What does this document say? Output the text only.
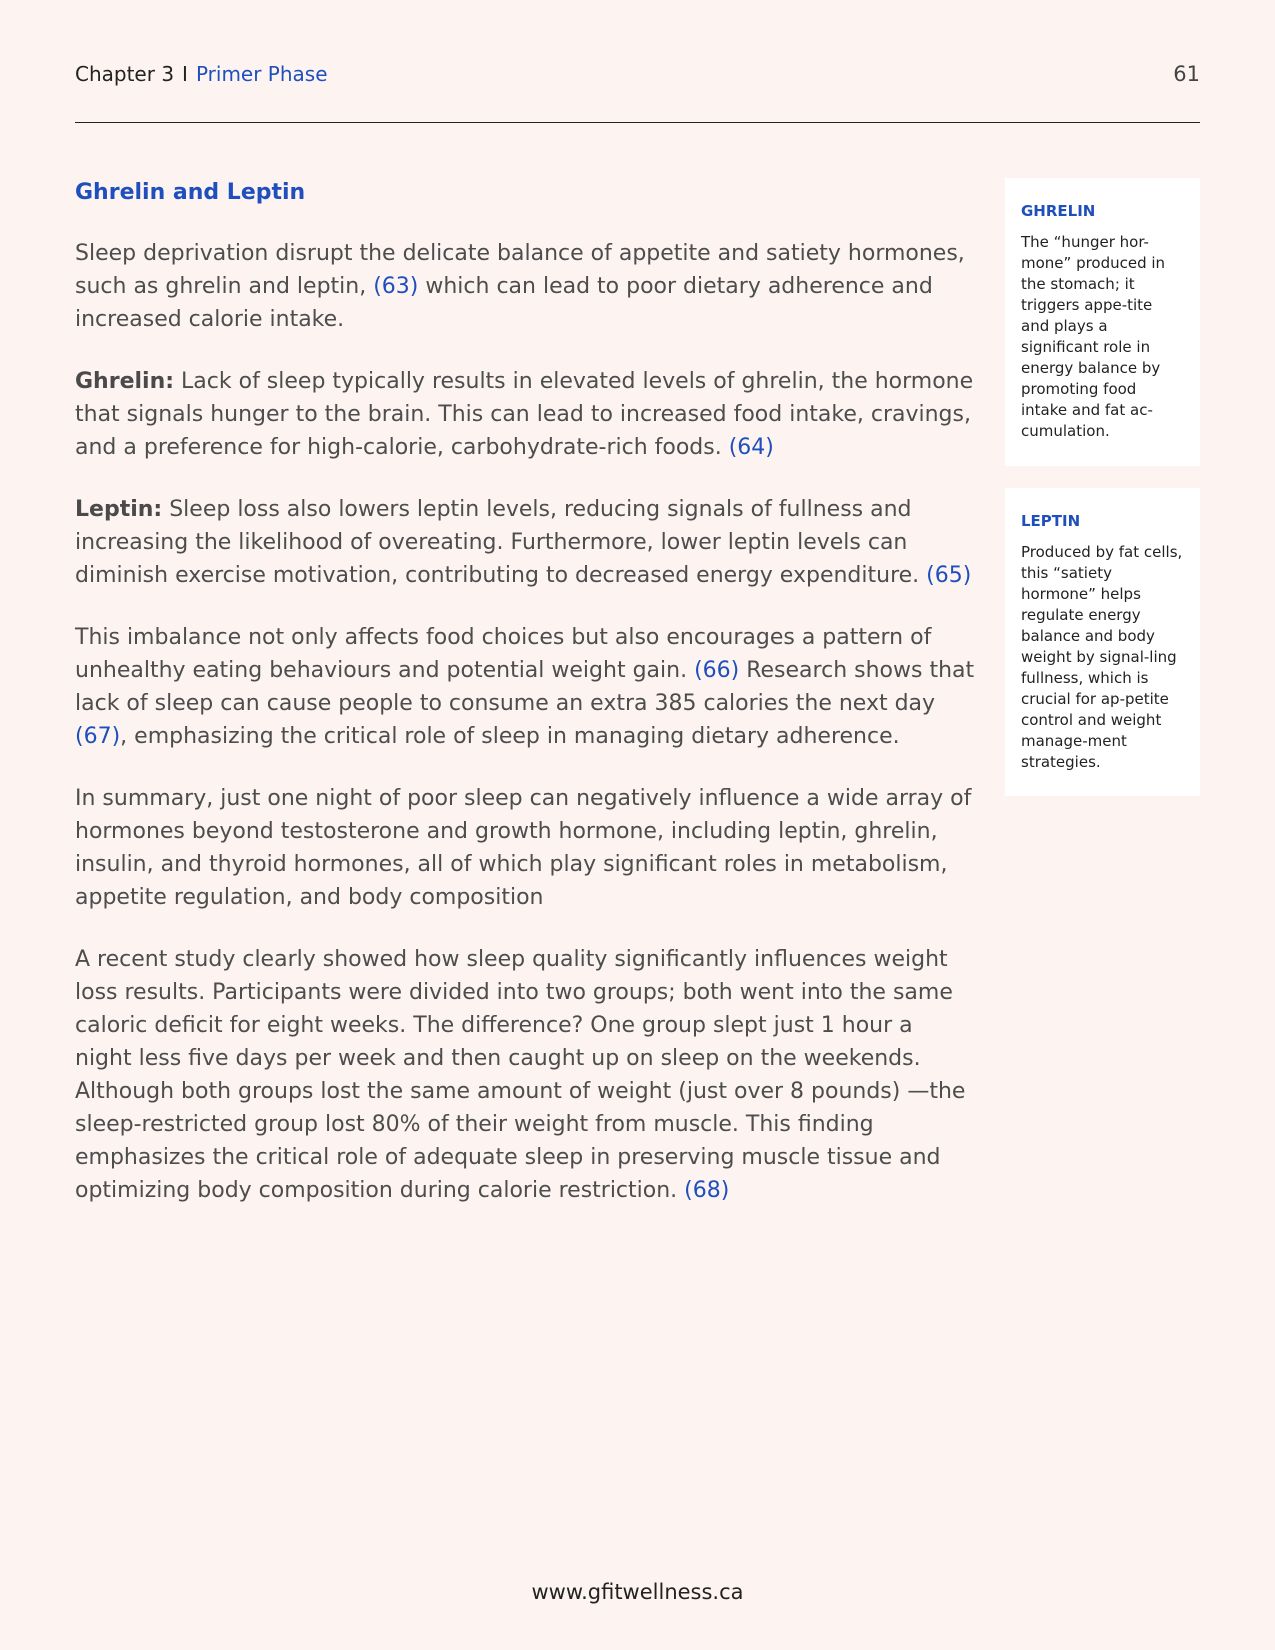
Chapter 3 I Primer Phase	61
Ghrelin and Leptin

Sleep deprivation disrupt the delicate balance of appetite and satiety hormones, such as ghrelin and leptin, (63) which can lead to poor dietary adherence and increased calorie intake.

Ghrelin: Lack of sleep typically results in elevated levels of ghrelin, the hormone that signals hunger to the brain. This can lead to increased food intake, cravings, and a preference for high-calorie, carbohydrate-rich foods. (64)

Leptin: Sleep loss also lowers leptin levels, reducing signals of fullness and increasing the likelihood of overeating. Furthermore, lower leptin levels can diminish exercise motivation, contributing to decreased energy expenditure. (65)

This imbalance not only affects food choices but also encourages a pattern of unhealthy eating behaviours and potential weight gain. (66) Research shows that lack of sleep can cause people to consume an extra 385 calories the next day (67), emphasizing the critical role of sleep in managing dietary adherence.

In summary, just one night of poor sleep can negatively influence a wide array of hormones beyond testosterone and growth hormone, including leptin, ghrelin, insulin, and thyroid hormones, all of which play significant roles in metabolism, appetite regulation, and body composition

A recent study clearly showed how sleep quality significantly influences weight loss results. Participants were divided into two groups; both went into the same caloric deficit for eight weeks. The difference? One group slept just 1 hour a night less five days per week and then caught up on sleep on the weekends. Although both groups lost the same amount of weight (just over 8 pounds) —the sleep-restricted group lost 80% of their weight from muscle. This finding emphasizes the critical role of adequate sleep in preserving muscle tissue and optimizing body composition during calorie restriction. (68)

GHRELIN
The “hunger hor-mone” produced in the stomach; it triggers appe-tite and plays a significant role in energy balance by promoting food intake and fat ac-cumulation.
LEPTIN
Produced by fat cells, this “satiety hormone” helps regulate energy balance and body weight by signal-ling fullness, which is crucial for ap-petite control and weight manage-ment strategies.
www.gfitwellness.ca
